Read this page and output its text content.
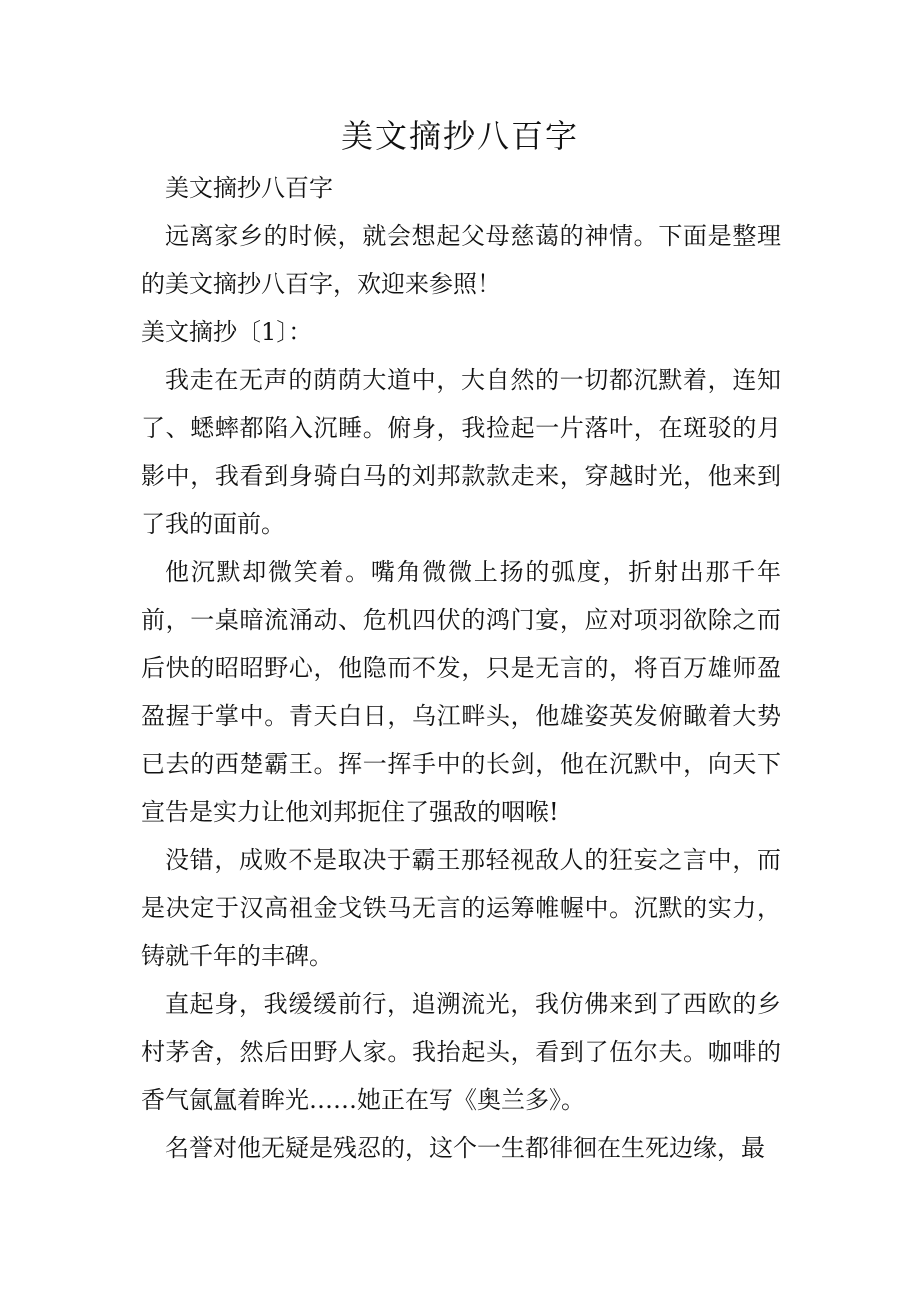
美文摘抄八百字

美文摘抄八百字

远离家乡的时候，就会想起父母慈蔼的神情。下面是整理的美文摘抄八百字，欢迎来参照！

美文摘抄〔1〕：

我走在无声的荫荫大道中，大自然的一切都沉默着，连知了、蟋蟀都陷入沉睡。俯身，我捡起一片落叶，在斑驳的月影中，我看到身骑白马的刘邦款款走来，穿越时光，他来到了我的面前。

他沉默却微笑着。嘴角微微上扬的弧度，折射出那千年前，一桌暗流涌动、危机四伏的鸿门宴，应对项羽欲除之而后快的昭昭野心，他隐而不发，只是无言的，将百万雄师盈盈握于掌中。青天白日，乌江畔头，他雄姿英发俯瞰着大势已去的西楚霸王。挥一挥手中的长剑，他在沉默中，向天下宣告是实力让他刘邦扼住了强敌的咽喉!

没错，成败不是取决于霸王那轻视敌人的狂妄之言中，而是决定于汉高祖金戈铁马无言的运筹帷幄中。沉默的实力，铸就千年的丰碑。

直起身，我缓缓前行，追溯流光，我仿佛来到了西欧的乡村茅舍，然后田野人家。我抬起头，看到了伍尔夫。咖啡的香气氤氲着眸光……她正在写《奥兰多》。

名誉对他无疑是残忍的，这个一生都徘徊在生死边缘，最
